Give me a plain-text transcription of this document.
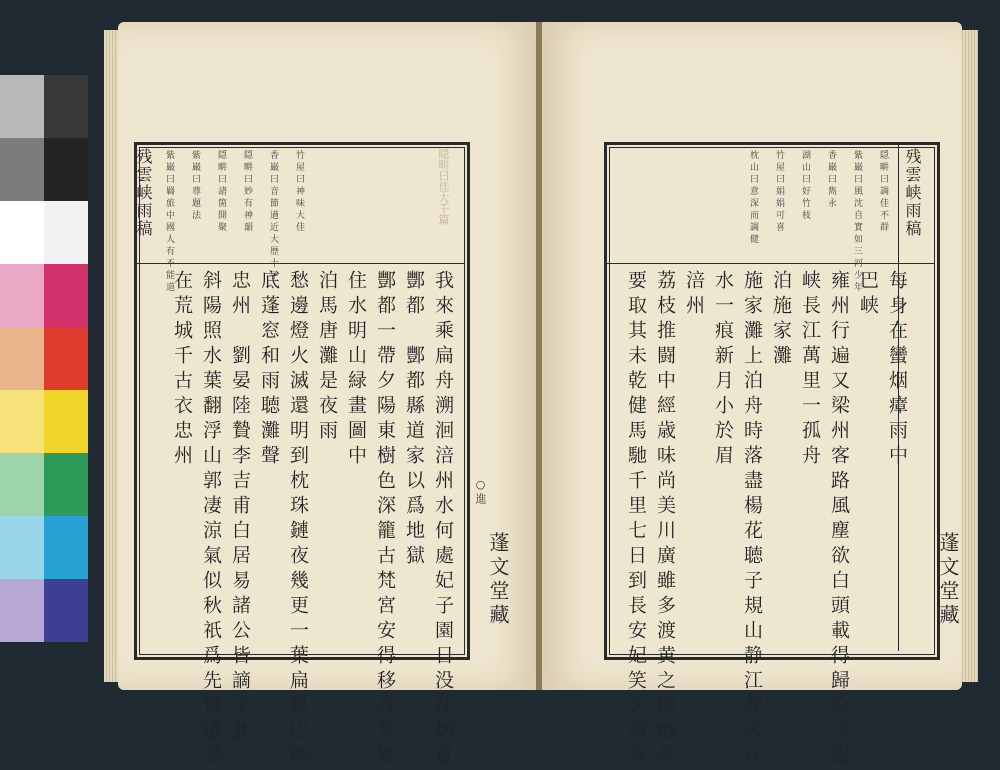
残雲峡雨稿	竹屋曰神味大佳
香巌曰音節遒近大歴十子
隠畊曰妙有神韻
隠畊曰諸箇開聚
紫巌曰尊題法
紫巌曰羇旅中國人有不能道
我來乘扁舟溯洄涪州水何處妃子園日没江烟夏
酆都　酆都縣道家以爲地獄
酆都一帶夕陽東樹色深籠古梵宮安得移身冥獄
住水明山緑畫圖中
泊馬唐灘是夜雨
愁邊燈火滅還明到枕珠鏈夜幾更一葉扁舟巴峡
底蓬窓和雨聴灘聲
忠州　劉晏陸贄李吉甫白居易諸公皆謫于此
斜陽照水葉翻浮山郭凄涼氣似秋祇爲先賢遺愛
在荒城千古衣忠州
○進
蓬文堂藏
隠畊曰佳大千篇	残雲峡雨稿
隠畊曰調佳不群
紫巌曰風沈自實如三河少年
香巌曰雋永
湖山曰好竹枝
竹屋曰娟娟可喜
枕山曰意深而調健
每身在蠻烟瘴雨中
巴峡
雍州行遍又梁州客路風塵欲白頭載得歸心下巴
峡長江萬里一孤舟
泊施家灘
施家灘上泊舟時落盡楊花聴子規山静江深天在
水一痕新月小於眉
涪州
荔枝推闘中經歳味尚美川廣雖多渡黄之則瘠矣
要取其未乾健馬馳千里七日到長安妃笑天顔喜	蓬文堂藏
